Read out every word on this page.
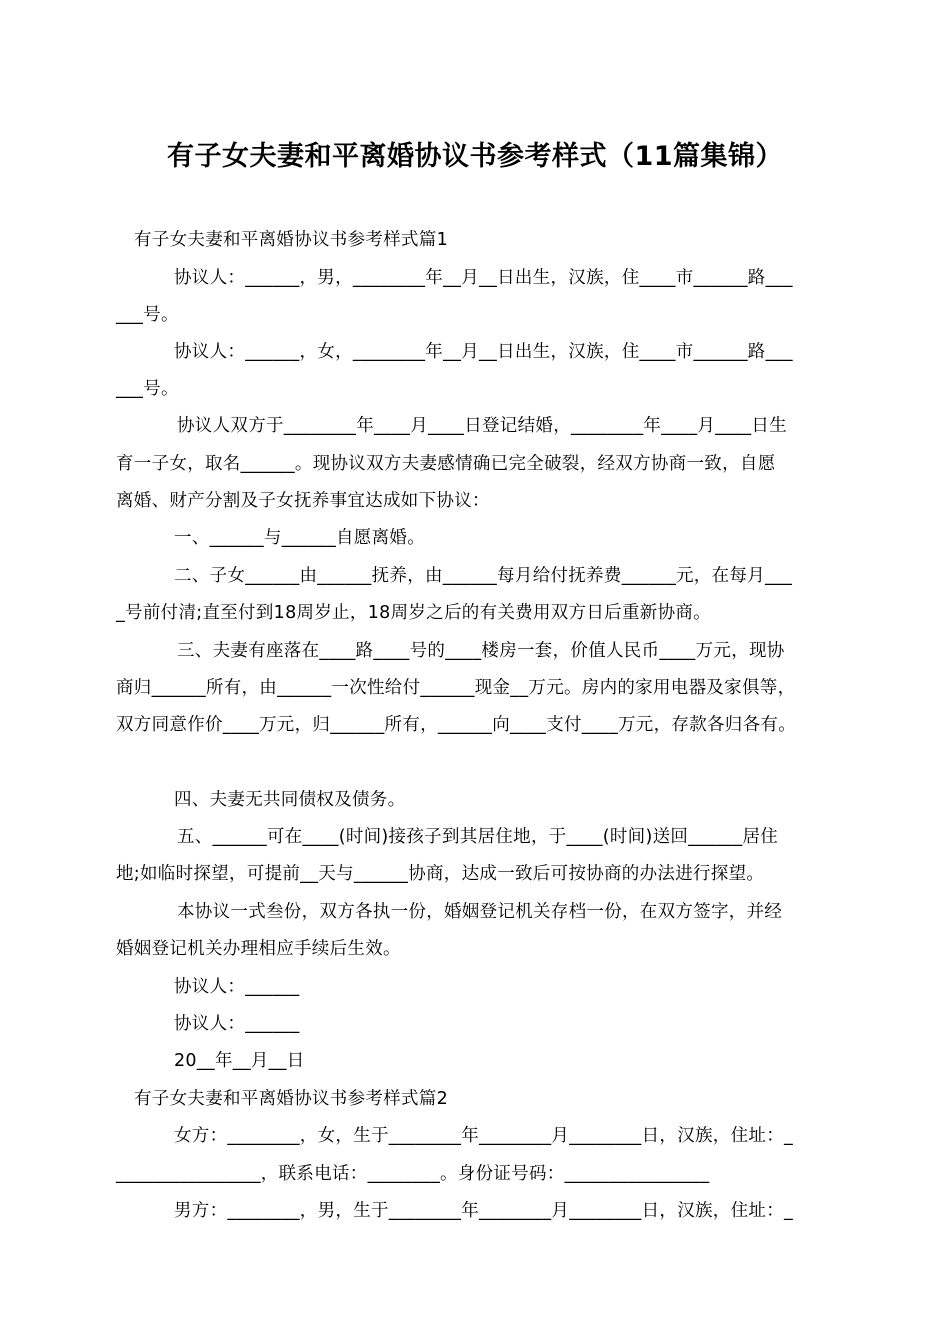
有子女夫妻和平离婚协议书参考样式（11篇集锦）
有子女夫妻和平离婚协议书参考样式篇1
协议人：______，男，________年__月__日出生，汉族，住____市______路___
___号。
协议人：______，女，________年__月__日出生，汉族，住____市______路___
___号。
协议人双方于________年____月____日登记结婚，________年____月____日生
育一子女，取名______。现协议双方夫妻感情确已完全破裂，经双方协商一致，自愿
离婚、财产分割及子女抚养事宜达成如下协议：
一、______与______自愿离婚。
二、子女______由______抚养，由______每月给付抚养费______元，在每月___
_号前付清;直至付到18周岁止，18周岁之后的有关费用双方日后重新协商。
三、夫妻有座落在____路____号的____楼房一套，价值人民币____万元，现协
商归______所有，由______一次性给付______现金__万元。房内的家用电器及家俱等，
双方同意作价____万元，归______所有，______向____支付____万元，存款各归各有。
四、夫妻无共同债权及债务。
五、______可在____(时间)接孩子到其居住地，于____(时间)送回______居住
地;如临时探望，可提前__天与______协商，达成一致后可按协商的办法进行探望。
本协议一式叁份，双方各执一份，婚姻登记机关存档一份，在双方签字，并经
婚姻登记机关办理相应手续后生效。
协议人：______
协议人：______
20__年__月__日
有子女夫妻和平离婚协议书参考样式篇2
女方：________，女，生于________年________月________日，汉族，住址：_
________________，联系电话：________。身份证号码：________________
男方：________，男，生于________年________月________日，汉族，住址：_
